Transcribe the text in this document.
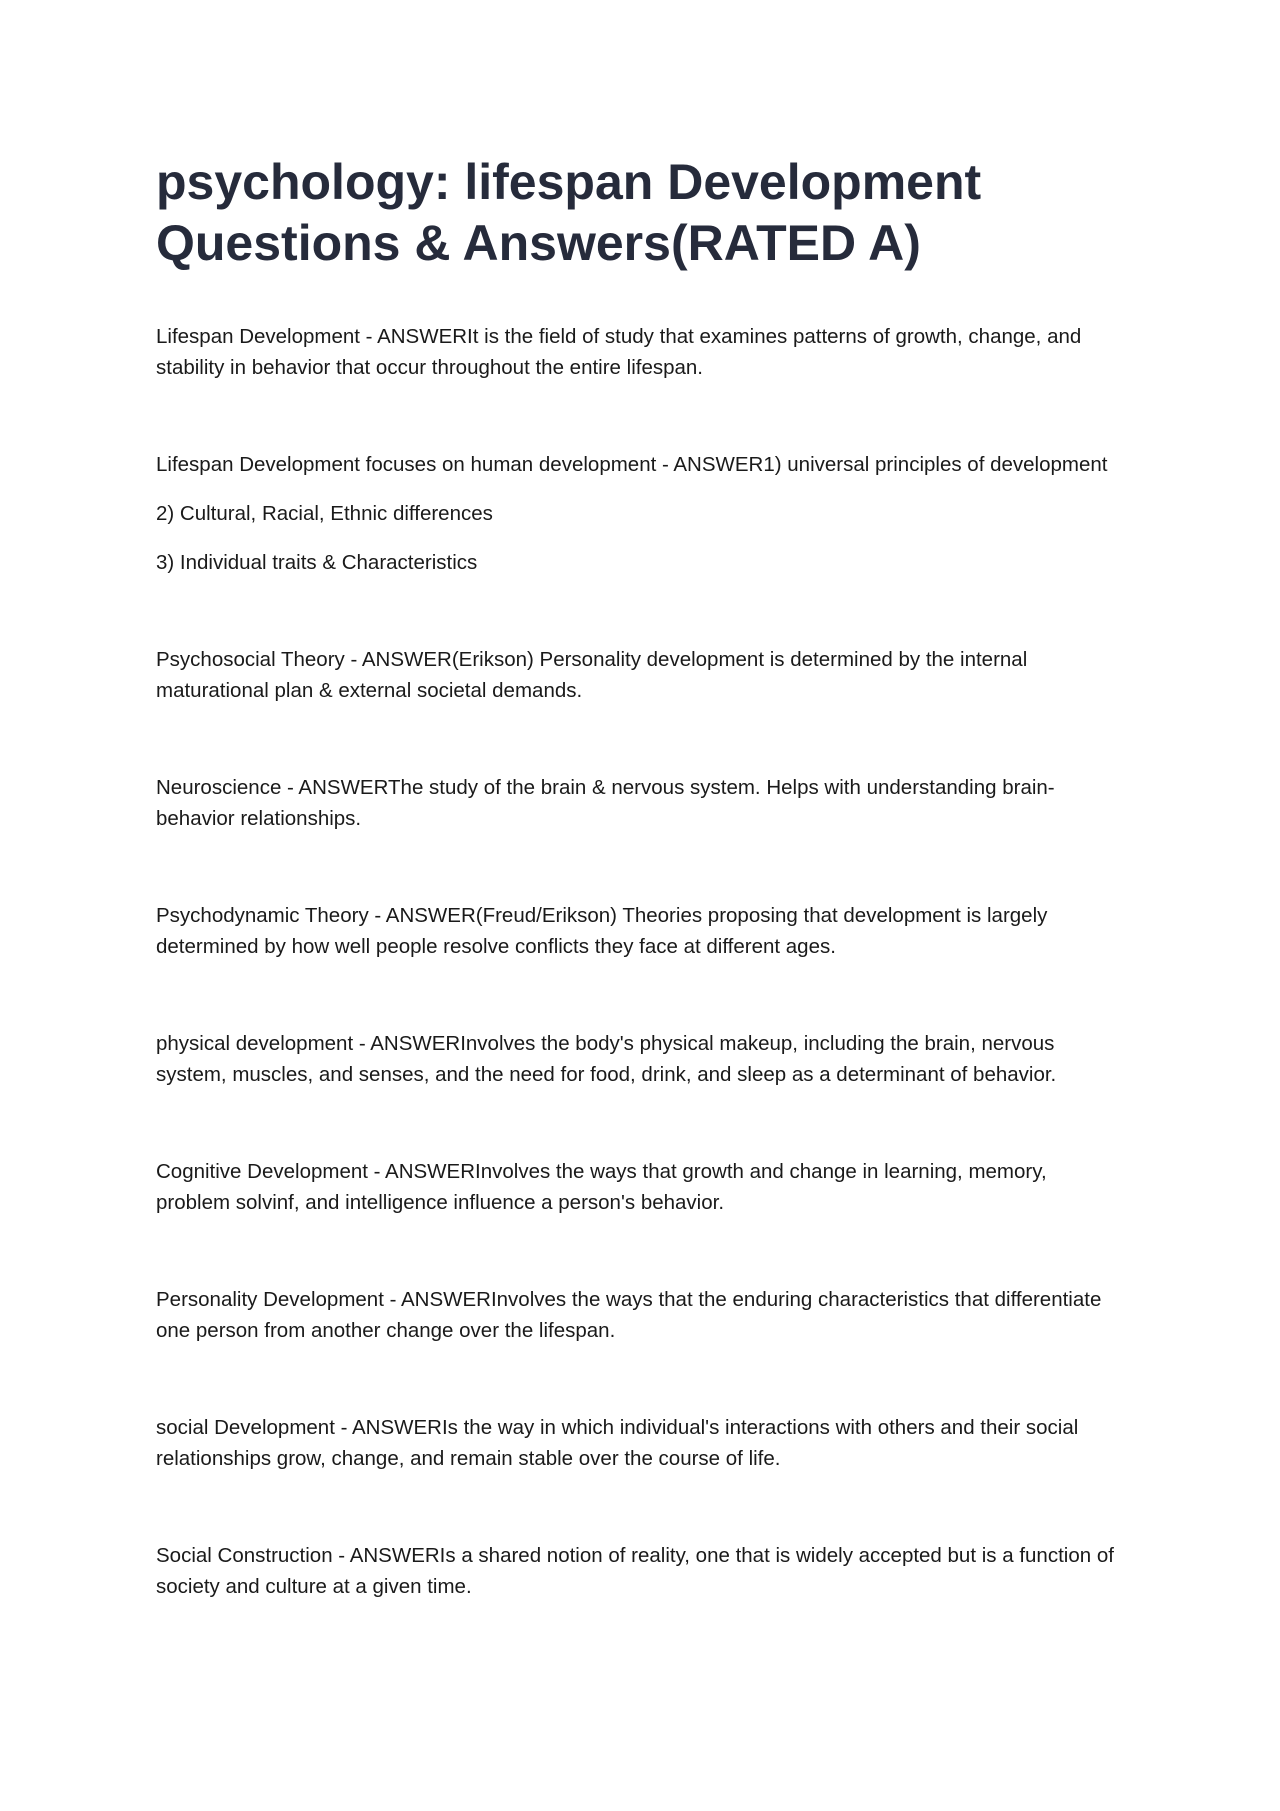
psychology: lifespan Development Questions & Answers(RATED A)

Lifespan Development - ANSWERIt is the field of study that examines patterns of growth, change, and stability in behavior that occur throughout the entire lifespan.

Lifespan Development focuses on human development - ANSWER1) universal principles of development

2) Cultural, Racial, Ethnic differences

3) Individual traits & Characteristics

Psychosocial Theory - ANSWER(Erikson) Personality development is determined by the internal maturational plan & external societal demands.

Neuroscience - ANSWERThe study of the brain & nervous system. Helps with understanding brain-behavior relationships.

Psychodynamic Theory - ANSWER(Freud/Erikson) Theories proposing that development is largely determined by how well people resolve conflicts they face at different ages.

physical development - ANSWERInvolves the body's physical makeup, including the brain, nervous system, muscles, and senses, and the need for food, drink, and sleep as a determinant of behavior.

Cognitive Development - ANSWERInvolves the ways that growth and change in learning, memory, problem solvinf, and intelligence influence a person's behavior.

Personality Development - ANSWERInvolves the ways that the enduring characteristics that differentiate one person from another change over the lifespan.

social Development - ANSWERIs the way in which individual's interactions with others and their social relationships grow, change, and remain stable over the course of life.

Social Construction - ANSWERIs a shared notion of reality, one that is widely accepted but is a function of society and culture at a given time.
